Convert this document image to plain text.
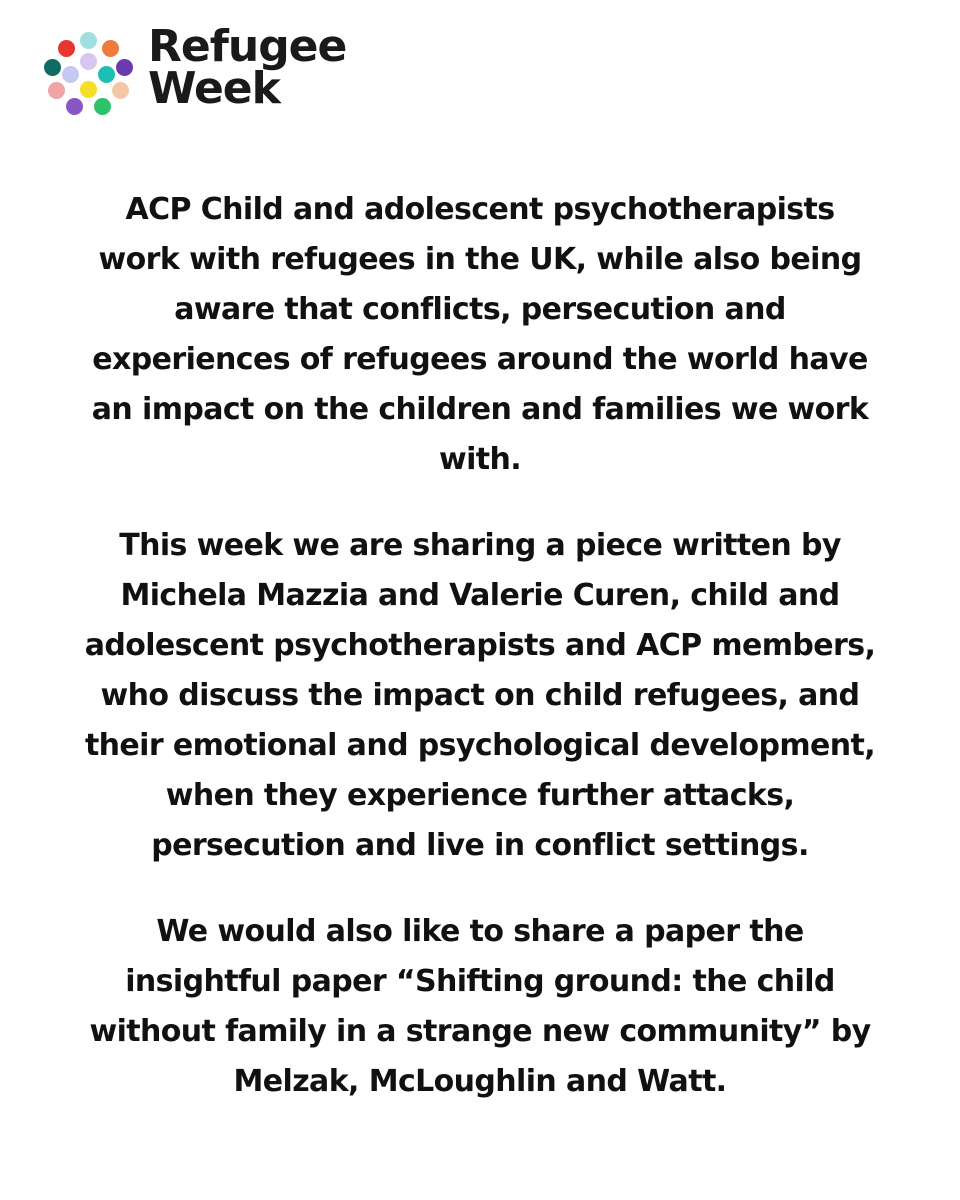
Refugee
Week

ACP Child and adolescent psychotherapists
work with refugees in the UK, while also being
aware that conflicts, persecution and
experiences of refugees around the world have
an impact on the children and families we work
with.

This week we are sharing a piece written by
Michela Mazzia and Valerie Curen, child and
adolescent psychotherapists and ACP members,
who discuss the impact on child refugees, and
their emotional and psychological development,
when they experience further attacks,
persecution and live in conflict settings.

We would also like to share a paper the
insightful paper “Shifting ground: the child
without family in a strange new community” by
Melzak, McLoughlin and Watt.
